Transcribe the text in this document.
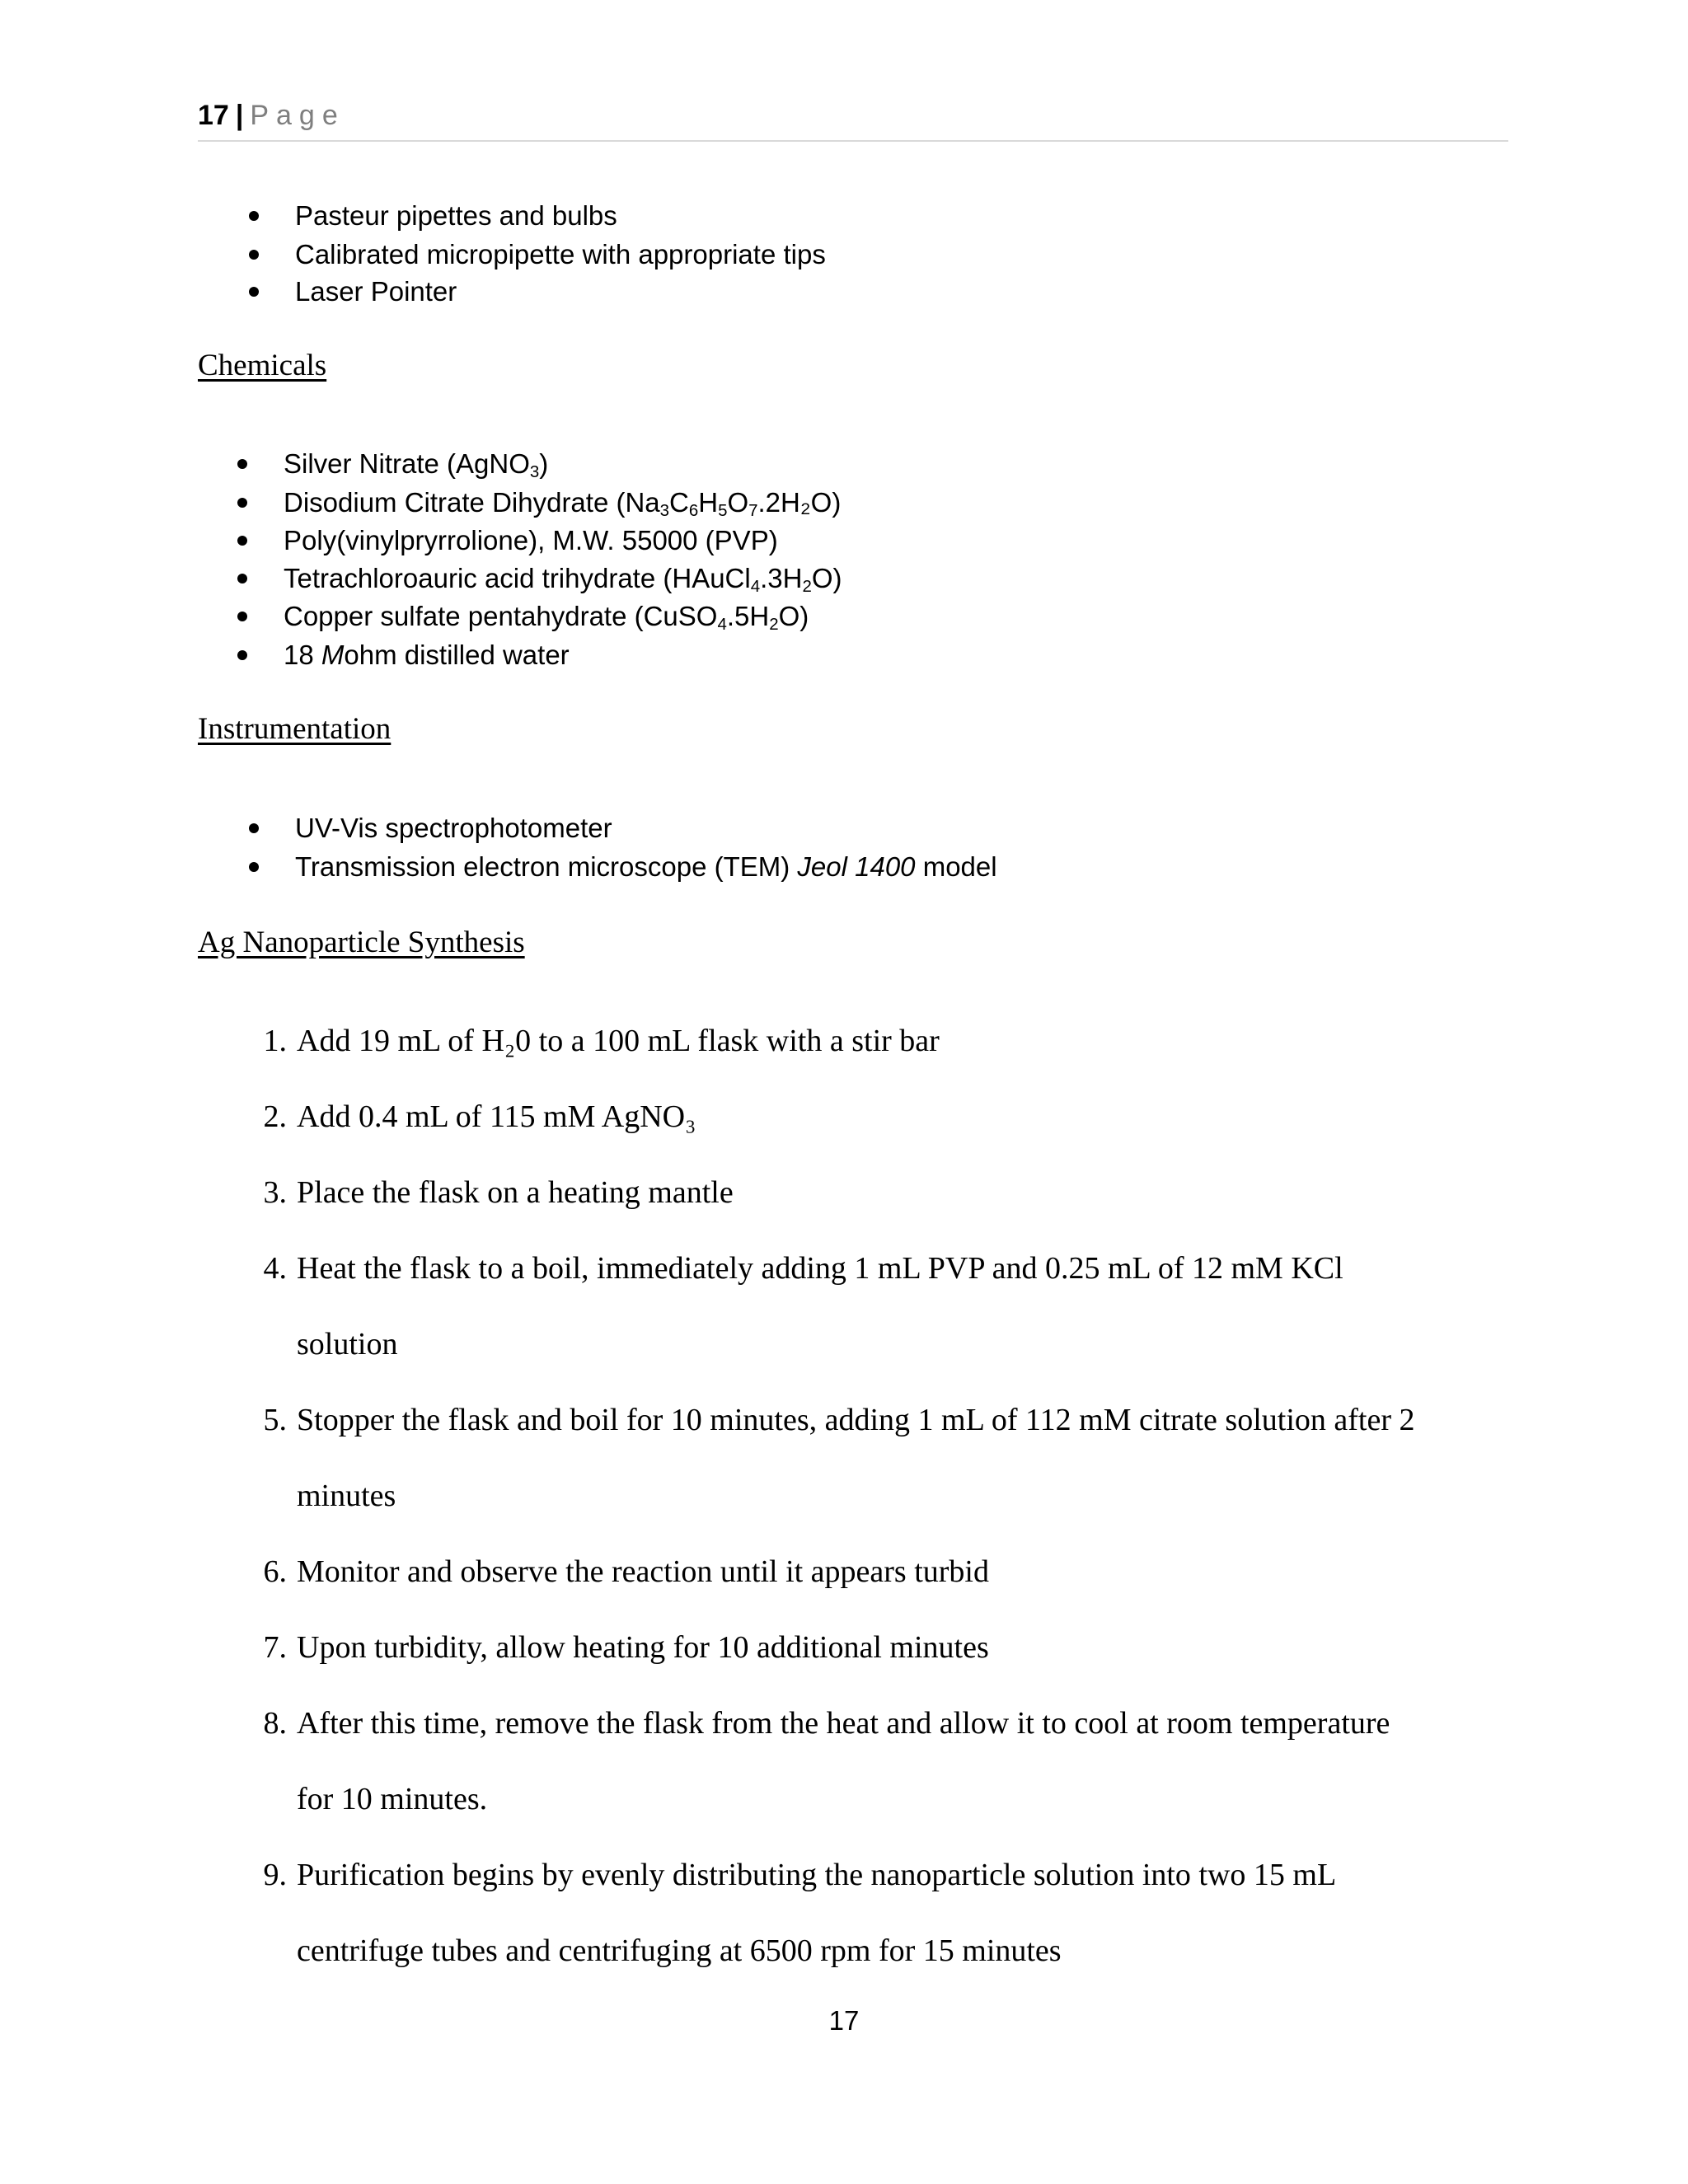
17 | Page
Pasteur pipettes and bulbs
Calibrated micropipette with appropriate tips
Laser Pointer
Chemicals
Silver Nitrate (AgNO$_3$)
Disodium Citrate Dihydrate $(Na_3C_6H_5O_7.2H_2O)$
Poly(vinylpryrrolione), M.W. 55000 (PVP)
Tetrachloroauric acid trihydrate $(HAuCl_4.3H_2O)$
Copper sulfate pentahydrate $(CuSO_4.5H_2O)$
18 Mohm distilled water
Instrumentation
UV-Vis spectrophotometer
Transmission electron microscope (TEM) Jeol 1400 model
Ag Nanoparticle Synthesis
1. Add 19 mL of H₂0 to a 100 mL flask with a stir bar
2. Add 0.4 mL of 115 mM AgNO₃
3. Place the flask on a heating mantle
4. Heat the flask to a boil, immediately adding 1 mL PVP and 0.25 mL of 12 mM KCl
solution
5. Stopper the flask and boil for 10 minutes, adding 1 mL of 112 mM citrate solution after 2
minutes
6. Monitor and observe the reaction until it appears turbid
7. Upon turbidity, allow heating for 10 additional minutes
8. After this time, remove the flask from the heat and allow it to cool at room temperature
for 10 minutes.
9. Purification begins by evenly distributing the nanoparticle solution into two 15 mL
centrifuge tubes and centrifuging at 6500 rpm for 15 minutes
17
